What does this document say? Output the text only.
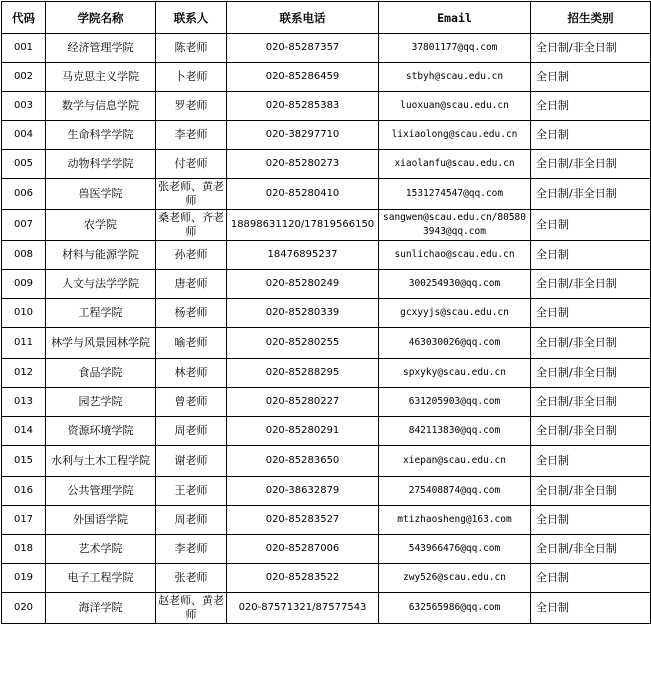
代码	学院名称	联系人	联系电话	Email	招生类别
001	经济管理学院	陈老师	020-85287357	37801177@qq.com	全日制/非全日制
002	马克思主义学院	卜老师	020-85286459	stbyh@scau.edu.cn	全日制
003	数学与信息学院	罗老师	020-85285383	luoxuan@scau.edu.cn	全日制
004	生命科学学院	李老师	020-38297710	lixiaolong@scau.edu.cn	全日制
005	动物科学学院	付老师	020-85280273	xiaolanfu@scau.edu.cn	全日制/非全日制
006	兽医学院	张老师、黄老师	020-85280410	1531274547@qq.com	全日制/非全日制
007	农学院	桑老师、齐老师	18898631120/17819566150	sangwen@scau.edu.cn/805803943@qq.com	全日制
008	材料与能源学院	孙老师	18476895237	sunlichao@scau.edu.cn	全日制
009	人文与法学学院	唐老师	020-85280249	300254930@qq.com	全日制/非全日制
010	工程学院	杨老师	020-85280339	gcxyyjs@scau.edu.cn	全日制
011	林学与风景园林学院	喻老师	020-85280255	463030026@qq.com	全日制/非全日制
012	食品学院	林老师	020-85288295	spxyky@scau.edu.cn	全日制/非全日制
013	园艺学院	曾老师	020-85280227	631205903@qq.com	全日制/非全日制
014	资源环境学院	周老师	020-85280291	842113830@qq.com	全日制/非全日制
015	水利与土木工程学院	谢老师	020-85283650	xiepan@scau.edu.cn	全日制
016	公共管理学院	王老师	020-38632879	275408874@qq.com	全日制/非全日制
017	外国语学院	周老师	020-85283527	mtizhaosheng@163.com	全日制
018	艺术学院	李老师	020-85287006	543966476@qq.com	全日制/非全日制
019	电子工程学院	张老师	020-85283522	zwy526@scau.edu.cn	全日制
020	海洋学院	赵老师、黄老师	020-87571321/87577543	632565986@qq.com	全日制
